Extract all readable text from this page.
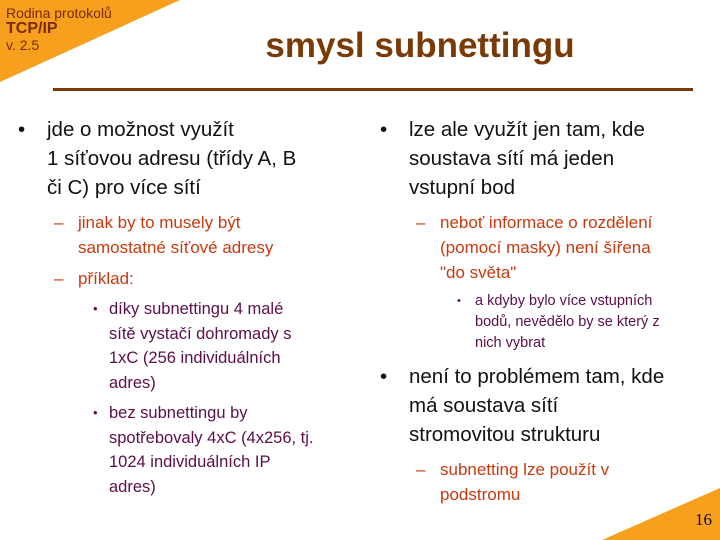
Rodina protokolů
TCP/IP
v. 2.5	smysl subnettingu
• jde o možnost využít
1 síťovou adresu (třídy A, B
či C) pro více sítí
– jinak by to musely být
samostatné síťové adresy
– příklad:
• díky subnettingu 4 malé
sítě vystačí dohromady s
1xC (256 individuálních
adres)
• bez subnettingu by
spotřebovaly 4xC (4x256, tj.
1024 individuálních IP
adres)
• lze ale využít jen tam, kde
soustava sítí má jeden
vstupní bod
– neboť informace o rozdělení
(pomocí masky) není šířena
"do světa"
• a kdyby bylo více vstupních
bodů, nevědělo by se který z
nich vybrat
• není to problémem tam, kde
má soustava sítí
stromovitou strukturu
– subnetting lze použít v
podstromu
16
